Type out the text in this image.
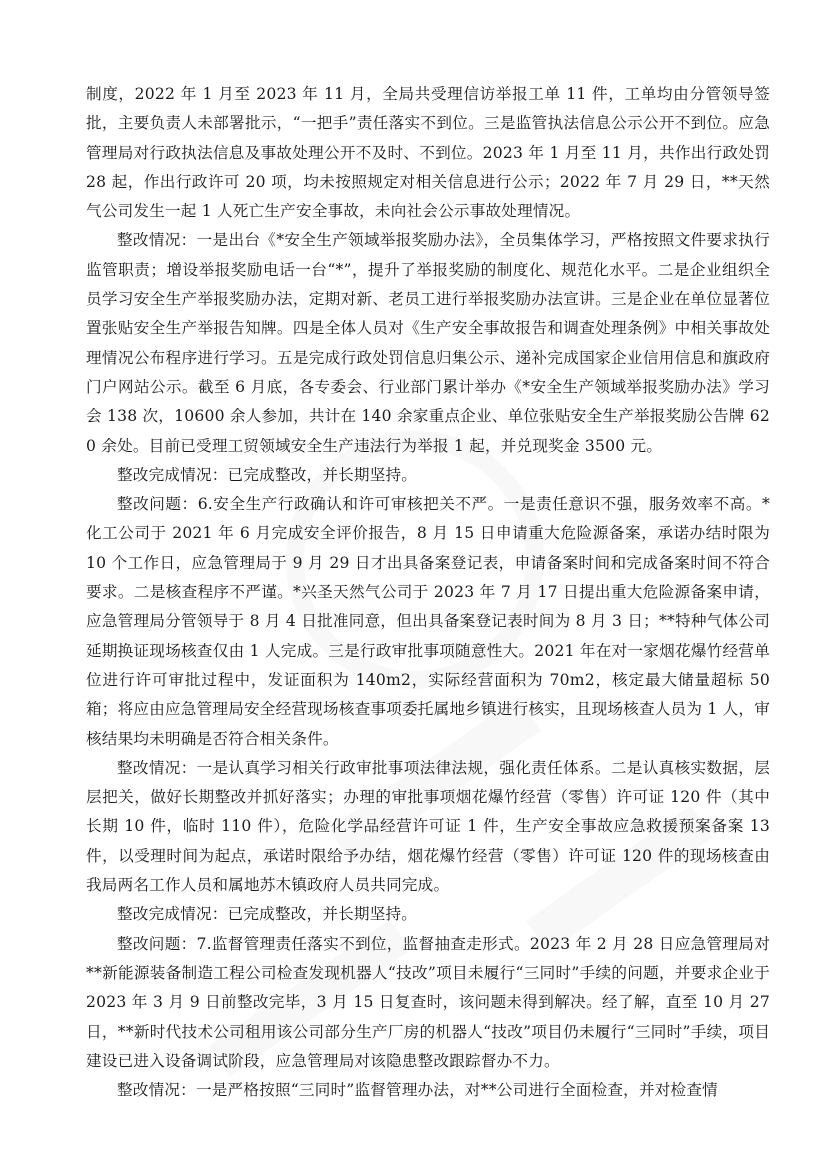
制度，2022 年 1 月至 2023 年 11 月，全局共受理信访举报工单 11 件，工单均由分管领导签批，主要负责人未部署批示，“一把手”责任落实不到位。三是监管执法信息公示公开不到位。应急管理局对行政执法信息及事故处理公开不及时、不到位。2023 年 1 月至 11 月，共作出行政处罚 28 起，作出行政许可 20 项，均未按照规定对相关信息进行公示；2022 年 7 月 29 日，**天然气公司发生一起 1 人死亡生产安全事故，未向社会公示事故处理情况。

整改情况：一是出台《*安全生产领域举报奖励办法》，全员集体学习，严格按照文件要求执行监管职责；增设举报奖励电话一台“*”，提升了举报奖励的制度化、规范化水平。二是企业组织全员学习安全生产举报奖励办法，定期对新、老员工进行举报奖励办法宣讲。三是企业在单位显著位置张贴安全生产举报告知牌。四是全体人员对《生产安全事故报告和调查处理条例》中相关事故处理情况公布程序进行学习。五是完成行政处罚信息归集公示、递补完成国家企业信用信息和旗政府门户网站公示。截至 6 月底，各专委会、行业部门累计举办《*安全生产领域举报奖励办法》学习会 138 次，10600 余人参加，共计在 140 余家重点企业、单位张贴安全生产举报奖励公告牌 620 余处。目前已受理工贸领域安全生产违法行为举报 1 起，并兑现奖金 3500 元。

整改完成情况：已完成整改，并长期坚持。

整改问题：6.安全生产行政确认和许可审核把关不严。一是责任意识不强，服务效率不高。*化工公司于 2021 年 6 月完成安全评价报告，8 月 15 日申请重大危险源备案，承诺办结时限为 10 个工作日，应急管理局于 9 月 29 日才出具备案登记表，申请备案时间和完成备案时间不符合要求。二是核查程序不严谨。*兴圣天然气公司于 2023 年 7 月 17 日提出重大危险源备案申请，应急管理局分管领导于 8 月 4 日批准同意，但出具备案登记表时间为 8 月 3 日；**特种气体公司延期换证现场核查仅由 1 人完成。三是行政审批事项随意性大。2021 年在对一家烟花爆竹经营单位进行许可审批过程中，发证面积为 140m2，实际经营面积为 70m2，核定最大储量超标 50 箱；将应由应急管理局安全经营现场核查事项委托属地乡镇进行核实，且现场核查人员为 1 人，审核结果均未明确是否符合相关条件。

整改情况：一是认真学习相关行政审批事项法律法规，强化责任体系。二是认真核实数据，层层把关，做好长期整改并抓好落实；办理的审批事项烟花爆竹经营（零售）许可证 120 件（其中长期 10 件，临时 110 件），危险化学品经营许可证 1 件，生产安全事故应急救援预案备案 13 件，以受理时间为起点，承诺时限给予办结，烟花爆竹经营（零售）许可证 120 件的现场核查由我局两名工作人员和属地苏木镇政府人员共同完成。

整改完成情况：已完成整改，并长期坚持。

整改问题：7.监督管理责任落实不到位，监督抽查走形式。2023 年 2 月 28 日应急管理局对**新能源装备制造工程公司检查发现机器人“技改”项目未履行“三同时”手续的问题，并要求企业于 2023 年 3 月 9 日前整改完毕，3 月 15 日复查时，该问题未得到解决。经了解，直至 10 月 27 日，**新时代技术公司租用该公司部分生产厂房的机器人“技改”项目仍未履行“三同时”手续，项目建设已进入设备调试阶段，应急管理局对该隐患整改跟踪督办不力。

整改情况：一是严格按照“三同时”监督管理办法，对**公司进行全面检查，并对检查情
